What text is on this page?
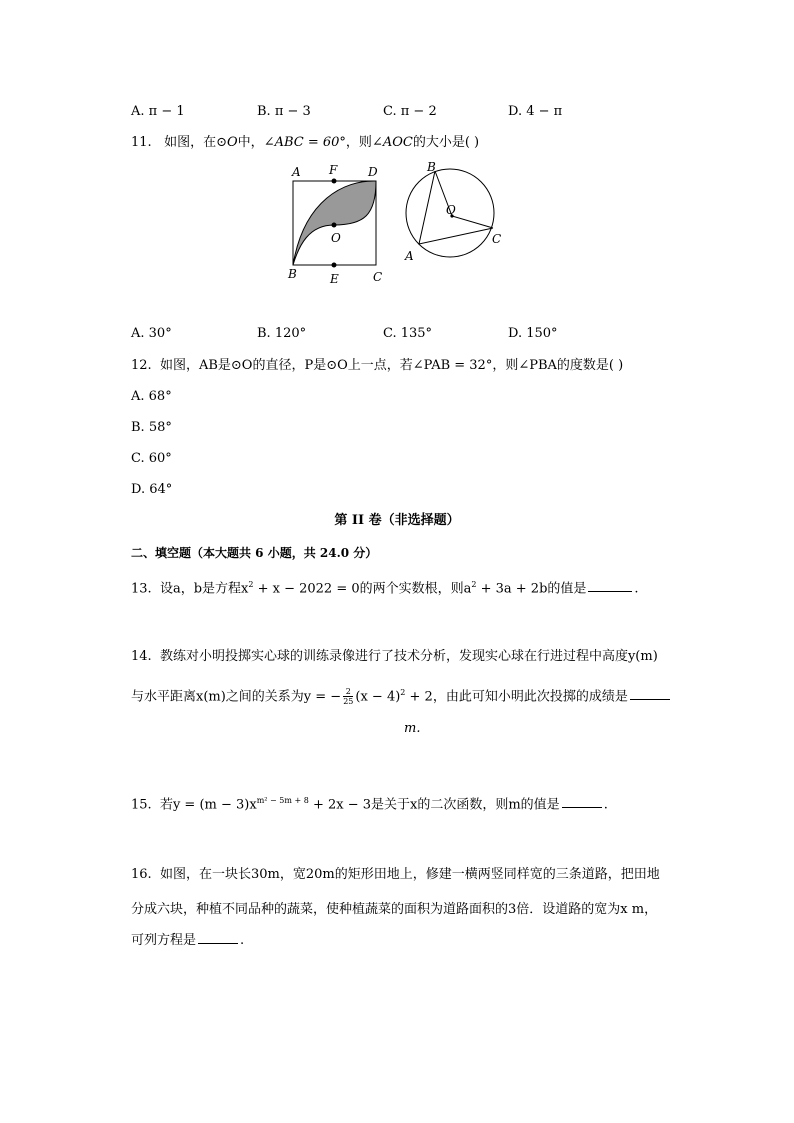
A. π − 1	B. π − 3	C. π − 2	D. 4 − π
11. 如图，在⊙O中，∠ABC = 60°，则∠AOC的大小是( )
A F	D
O
B	E	C
B
O
A
C
A. 30°	B. 120°	C. 135°	D. 150°
12. 如图，AB是⊙O的直径，P是⊙O上一点，若∠PAB = 32°，则∠PBA的度数是( )
A. 68°
B. 58°
C. 60°
D. 64°
第 II 卷（非选择题）
二、填空题（本大题共 6 小题，共 24.0 分）
13. 设a，b是方程$x^2 + x - 2022 = 0$的两个实数根，则$a^2 + 3a + 2b$的值是	.
14. 教练对小明投掷实心球的训练录像进行了技术分析，发现实心球在行进过程中高度y(m)
与水平距离x(m)之间的关系为y = − $\frac{2}{25} (x - 4)^2 + 2$，由此可知小明此次投掷的成绩是
m.
15. 若$y = (m - 3)x^{m^2 - 5m + 8} + 2x - 3$是关于x的二次函数，则m的值是	.
16. 如图，在一块长30m，宽20m的矩形田地上，修建一横两竖同样宽的三条道路，把田地
分成六块，种植不同品种的蔬菜，使种植蔬菜的面积为道路面积的3倍．设道路的宽为x m，
可列方程是	.
